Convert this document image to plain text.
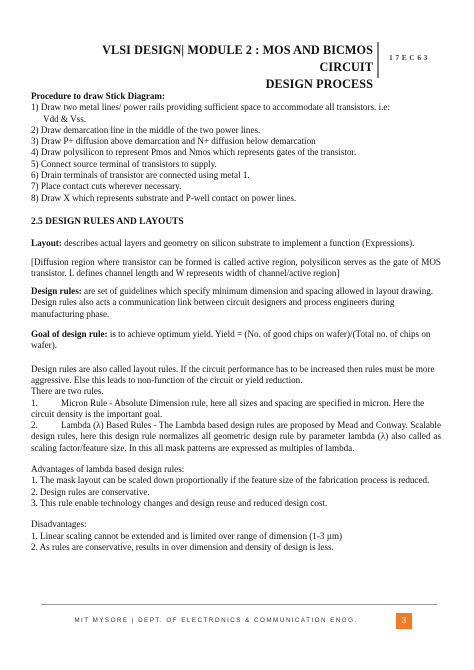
VLSI DESIGN| MODULE 2 : MOS AND BICMOS CIRCUIT
DESIGN PROCESS
17EC63

Procedure to draw Stick Diagram:

1) Draw two metal lines/ power rails providing sufficient space to accommodate all transistors. i.e:

Vdd & Vss.

2) Draw demarcation line in the middle of the two power lines.

3) Draw P+ diffusion above demarcation and N+ diffusion below demarcation

4) Draw polysilicon to represent Pmos and Nmos which represents gates of the transistor.

5) Connect source terminal of transistors to supply.

6) Drain terminals of transistor are connected using metal 1.

7) Place contact cuts wherever necessary.

8) Draw X which represents substrate and P-well contact on power lines.

2.5 DESIGN RULES AND LAYOUTS

Layout: describes actual layers and geometry on silicon substrate to implement a function (Expressions).

[Diffusion region where transistor can be formed is called active region, polysilicon serves as the gate of MOS transistor. L defines channel length and W represents width of channel/active region]

Design rules: are set of guidelines which specify minimum dimension and spacing allowed in layout drawing. Design rules also acts a communication link between circuit designers and process engineers during manufacturing phase.

Goal of design rule: is to achieve optimum yield. Yield = (No. of good chips on wafer)/(Total no. of chips on wafer).

Design rules are also called layout rules. If the circuit performance has to be increased then rules must be more aggressive. Else this leads to non-function of the circuit or yield reduction.

There are two rules.

1.	Micron Rule - Absolute Dimension rule, here all sizes and spacing are specified in micron. Here the circuit density is the important goal.

2.	Lambda (λ) Based Rules - The Lambda based design rules are proposed by Mead and Conway. Scalable design rules, here this design rule normalizes all geometric design rule by parameter lambda (λ) also called as scaling factor/feature size. In this all mask patterns are expressed as multiples of lambda.

Advantages of lambda based design rules:

1. The mask layout can be scaled down proportionally if the feature size of the fabrication process is reduced.

2. Design rules are conservative.

3. This rule enable technology changes and design reuse and reduced design cost.

Disadvantages:

1. Linear scaling cannot be extended and is limited over range of dimension (1-3 µm)

2. As rules are conservative, results in over dimension and density of design is less.

MIT MYSORE | DEPT. OF ELECTRONICS & COMMUNICATION ENGG.	3
